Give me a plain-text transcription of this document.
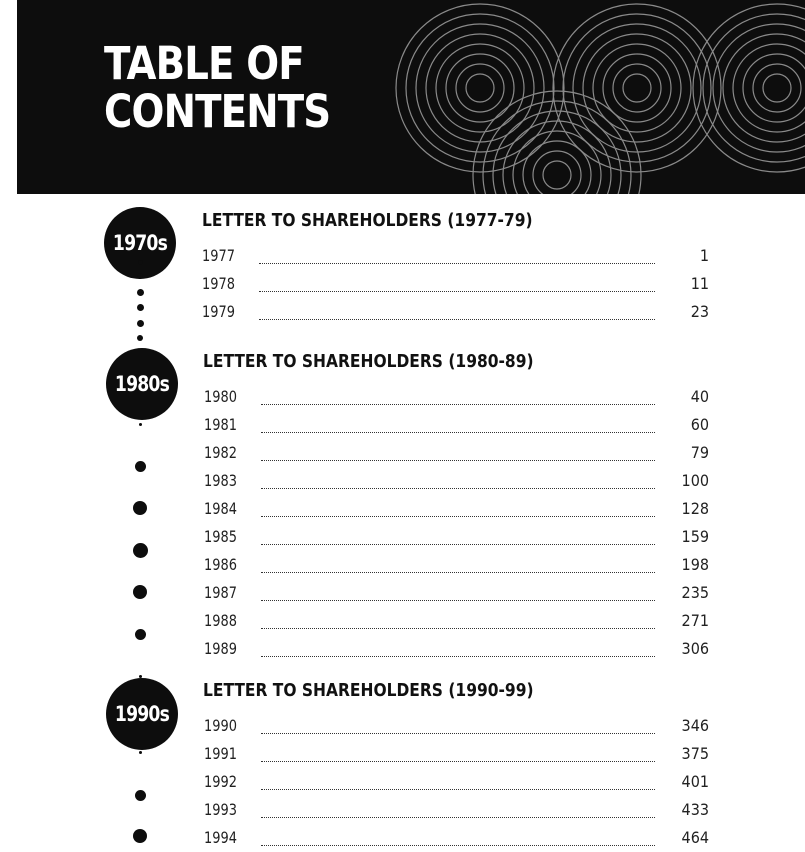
TABLE OF
CONTENTS
1970s
1980s
1990s
LETTER TO SHAREHOLDERS (1977-79)
1977	1
1978	11
1979	23
LETTER TO SHAREHOLDERS (1980-89)
1980	40
1981	60
1982	79
1983	100
1984	128
1985	159
1986	198
1987	235
1988	271
1989	306
LETTER TO SHAREHOLDERS (1990-99)
1990	346
1991	375
1992	401
1993	433
1994	464
